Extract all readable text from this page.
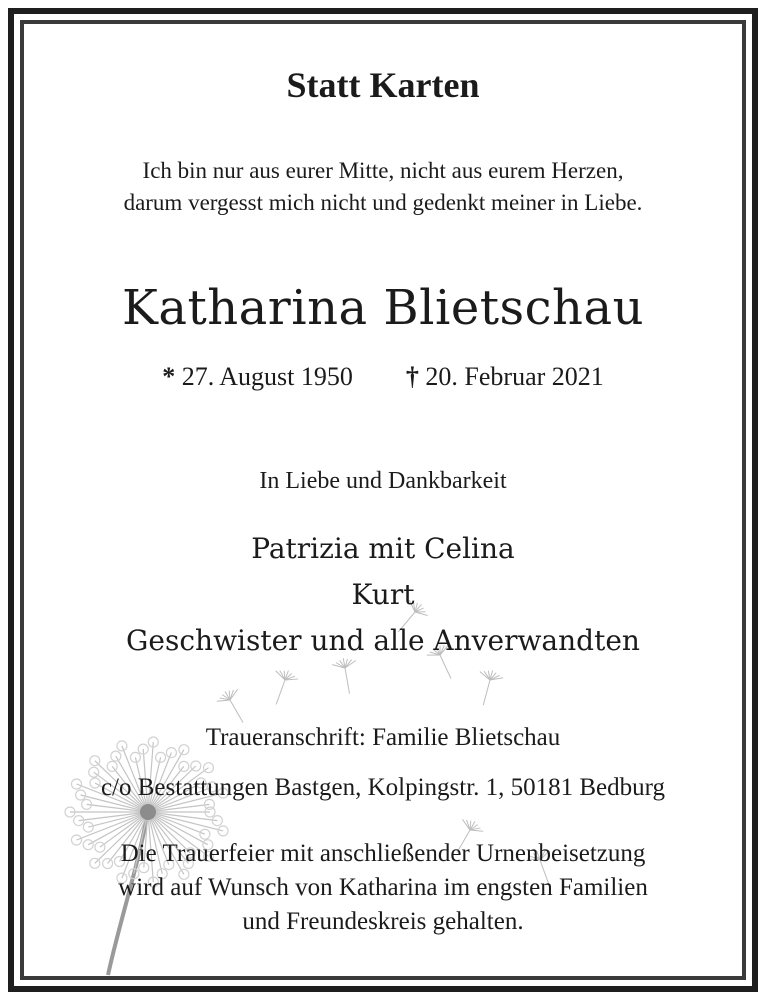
Statt Karten
Ich bin nur aus eurer Mitte, nicht aus eurem Herzen,
darum vergesst mich nicht und gedenkt meiner in Liebe.
Katharina Blietschau
* 27. August 1950 † 20. Februar 2021
In Liebe und Dankbarkeit
Patrizia mit Celina
Kurt
Geschwister und alle Anverwandten
Traueranschrift: Familie Blietschau
c/o Bestattungen Bastgen, Kolpingstr. 1, 50181 Bedburg
Die Trauerfeier mit anschließender Urnenbeisetzung
wird auf Wunsch von Katharina im engsten Familien
und Freundeskreis gehalten.
